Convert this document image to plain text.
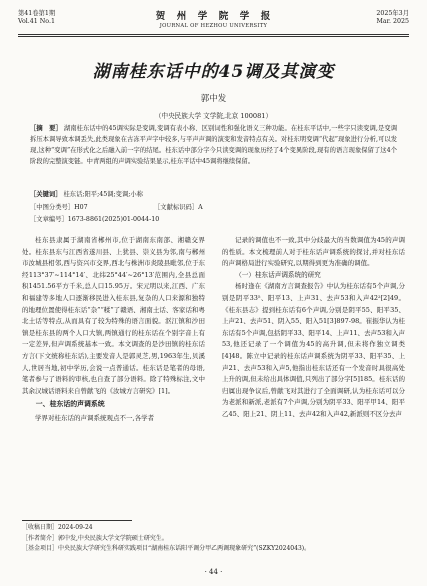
第41卷第1期
Vol.41 No.1	贺　州　学　院　学　报
JOURNAL OF HEZHOU UNIVERSITY
2025年3月
Mar. 2025
湖南桂东话中的45调及其演变
郭中发
（中央民族大学 文学院,北京 100081）
［摘　要］ 湖南桂东话中的45调实际是变调,变调有表小称、区别词性和强化语义三种功能。在桂东平话中,一些字只读变调,是变调拆压本调导致本调丢失,此类现象在古冻平声字中较多,与平声声调的演变和发音特点有关。对桂东明变调“代起”现象进行分析,可以发现,这种“变调”在形式化之后融入前一字的结尾。桂东话中部分字今只读变调的现象历经了4个变異阶段,现有的语言现象保留了这4个阶段的完整演变链。中青两组的声调实验结果显示,桂东平话中45调将继续保留。
［关键词］ 桂东话;阳平;45调;变调;小称
［中图分类号］H07	［文献标识码］A
［文章编号］1673-8861(2025)01-0044-10

桂东县隶属于湖南省郴州市,位于湖南东南部、湘赣交界处。桂东县东与江西省遂川县、上犹县、崇义县为邻,南与郴州市汝城县相邻,西与资兴市交界,西北与株洲市炎陵县毗邻,位于东经113°37′~114°14′、北纬25°44′~26°13′范围内,全县总面积1451.56平方千米,总人口15.95万。宋元明以来,江西、广东和福建等多地人口逐渐移民进入桂东县,复杂的人口来源和独特的地理位置使得桂东话“杂”“糅”了赣语、湘南土话、客家话和粤北土话等特点,从而具有了较为特殊的语言面貌。沤江镇和沙田镇是桂东县的两个人口大镇,两镇通行的桂东话在个别字音上有一定差异,但声调系统基本一致。本文调查的是沙田镇的桂东话方言(下文统称桂东话),主要发音人是郭灵芝,男,1963年生,贝溪人,世居当地,初中学历,会说一点普通话。桂东话是笔者的母语,笔者参与了语料的审核,也自查了部分语料。除了特殊标注,文中其余汉城话语料来自曾献飞的《汝城方言研究》[1]。

一、桂东话的声调系统

学界对桂东话的声调系统观点不一,各学者

记录的调值也不一致,其中分歧最大的当数调值为45的声调的性质。本文梳理前人对于桂东话声调系统的探讨,并对桂东话的声调格局进行实验研究,以期得到更为准确的调值。

（一）桂东话声调系统的研究

杨时逢在《湖南方言调查报告》中认为桂东话有5个声调,分别是阴平33⁵、阳平13、上声31、去声53和入声42²[2]49。《桂东县志》提到桂东话有6个声调,分别是阴平55、阳平35、上声21、去声51、阴入55、阳入51[3]897-98。崔振华认为桂东话有5个声调,包括阴平33、阳平14、上声11、去声53和入声53,他还记录了一个调值为45的高升调,但未将作独立调类[4]48。陈立中记录的桂东话声调系统为阴平33、阳平35、上声21、去声53和入声5,他指出桂东话还有一个发音时具很高处上升的调,但未给出具体调值,只列出了部分字[5]185。桂东话的归属出现争议后,曾献飞对其进行了全面调研,认为桂东话可以分为老派和新派,老派有7个声调,分别为阴平33、阳平甲14、阳平乙45、阳上21、阴上11、去声42和入声42,新派则不区分去声

［收稿日期］2024-09-24
［作者简介］郭中发,中央民族大学文学院硕士研究生。
［基金项目］中央民族大学研究生科研实践项目“湖南桂东话阳平调分甲乙两调现象研究”(SZKY2024043)。
· 44 ·
